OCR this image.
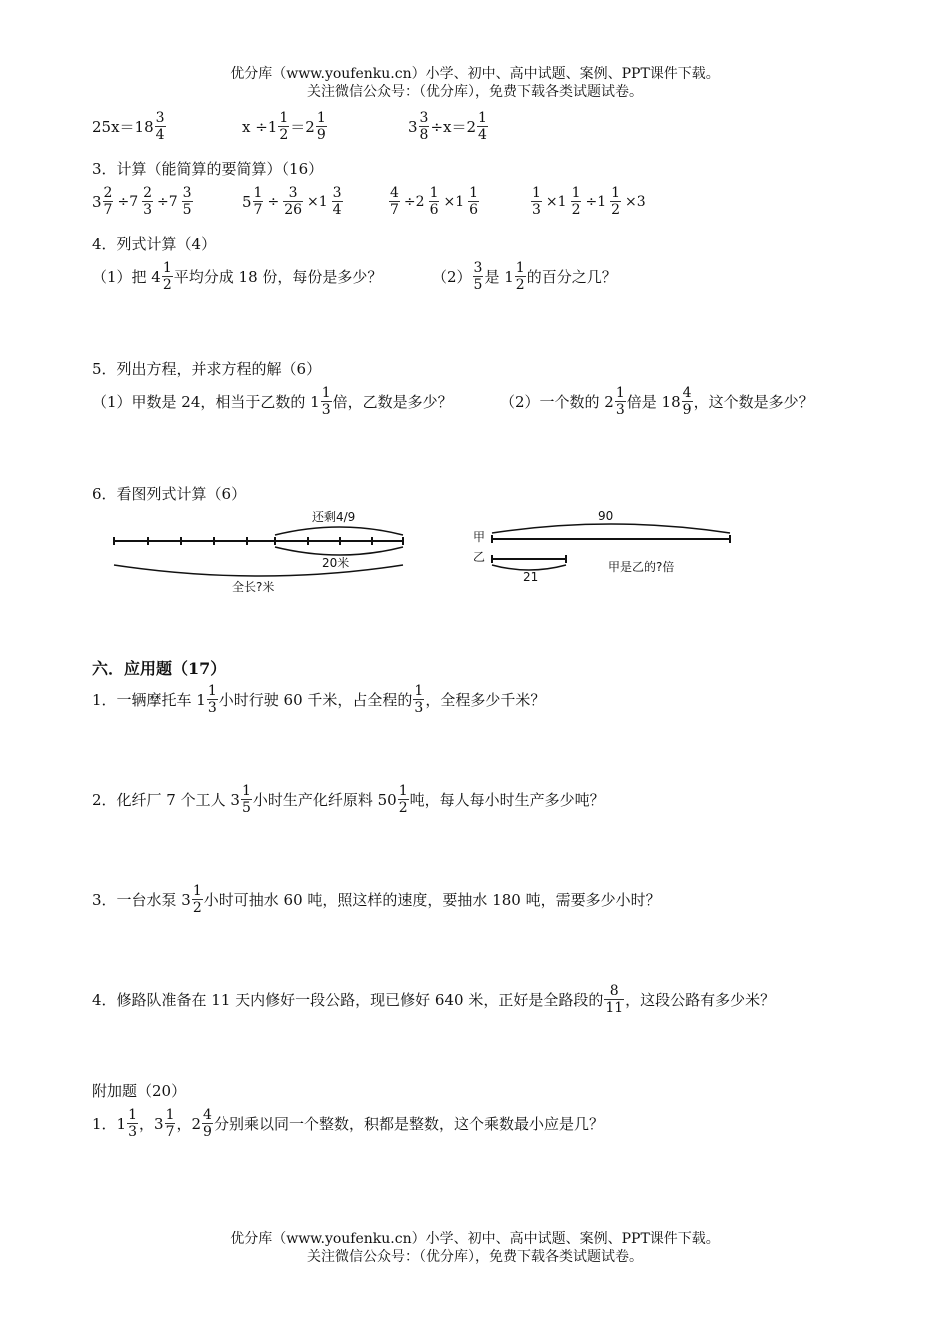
优分库（www.youfenku.cn）小学、初中、高中试题、案例、PPT课件下载。
关注微信公众号：（优分库），免费下载各类试题试卷。
$25x=18 \frac{3}{4}$	$x \div 1 \frac{1}{2} =2 \frac{1}{9}$	$3 \frac{3}{8} \div x=2 \frac{1}{4}$
3．计算（能简算的要简算）（16）
$3 \frac{2}{7} \div 7 \frac{2}{3} \div 7 \frac{3}{5}$	$5 \frac{1}{7} \div \frac{3}{26} \times 1 \frac{3}{4}$	$\frac{4}{7} \div 2 \frac{1}{6} \times 1 \frac{1}{6}$	$\frac{1}{3} \times 1 \frac{1}{2} \div 1 \frac{1}{2} \times 3$
4．列式计算（4）
（1）把 $4 \frac{1}{2}$ 平均分成 18 份，每份是多少？	$(2) \frac{3}{5}$ 是 $1 \frac{1}{2}$ 的百分之几？
5．列出方程，并求方程的解（6）
（1）甲数是 24，相当于乙数的 $1 \frac{1}{3}$ 倍，乙数是多少？	（2）一个数的 $2 \frac{1}{3}$ 倍是 $18 \frac{4}{9}$ ，这个数是多少？
6．看图列式计算（6）
还剩4/9
20米
全长?米
甲
乙
90
21
甲是乙的?倍
六．应用题（17）
1．一辆摩托车 $1 \frac{1}{3}$ 小时行驶 60 千米，占全程的 $\frac{1}{3}$ ，全程多少千米？
2．化纤厂 7 个工人 $3 \frac{1}{5}$ 小时生产化纤原料 $50 \frac{1}{2}$ 吨，每人每小时生产多少吨？
3．一台水泵 $3 \frac{1}{2}$ 小时可抽水 60 吨，照这样的速度，要抽水 180 吨，需要多少小时？
4．修路队准备在 11 天内修好一段公路，现已修好 640 米，正好是全路段的 $\frac{8}{11}$ ，这段公路有多少米？
附加题（20）
1．$1 \frac{1}{3}$ ，$3 \frac{1}{7}$ ，$2 \frac{4}{9}$ 分别乘以同一个整数，积都是整数，这个乘数最小应是几？
优分库（www.youfenku.cn）小学、初中、高中试题、案例、PPT课件下载。
关注微信公众号：（优分库），免费下载各类试题试卷。
